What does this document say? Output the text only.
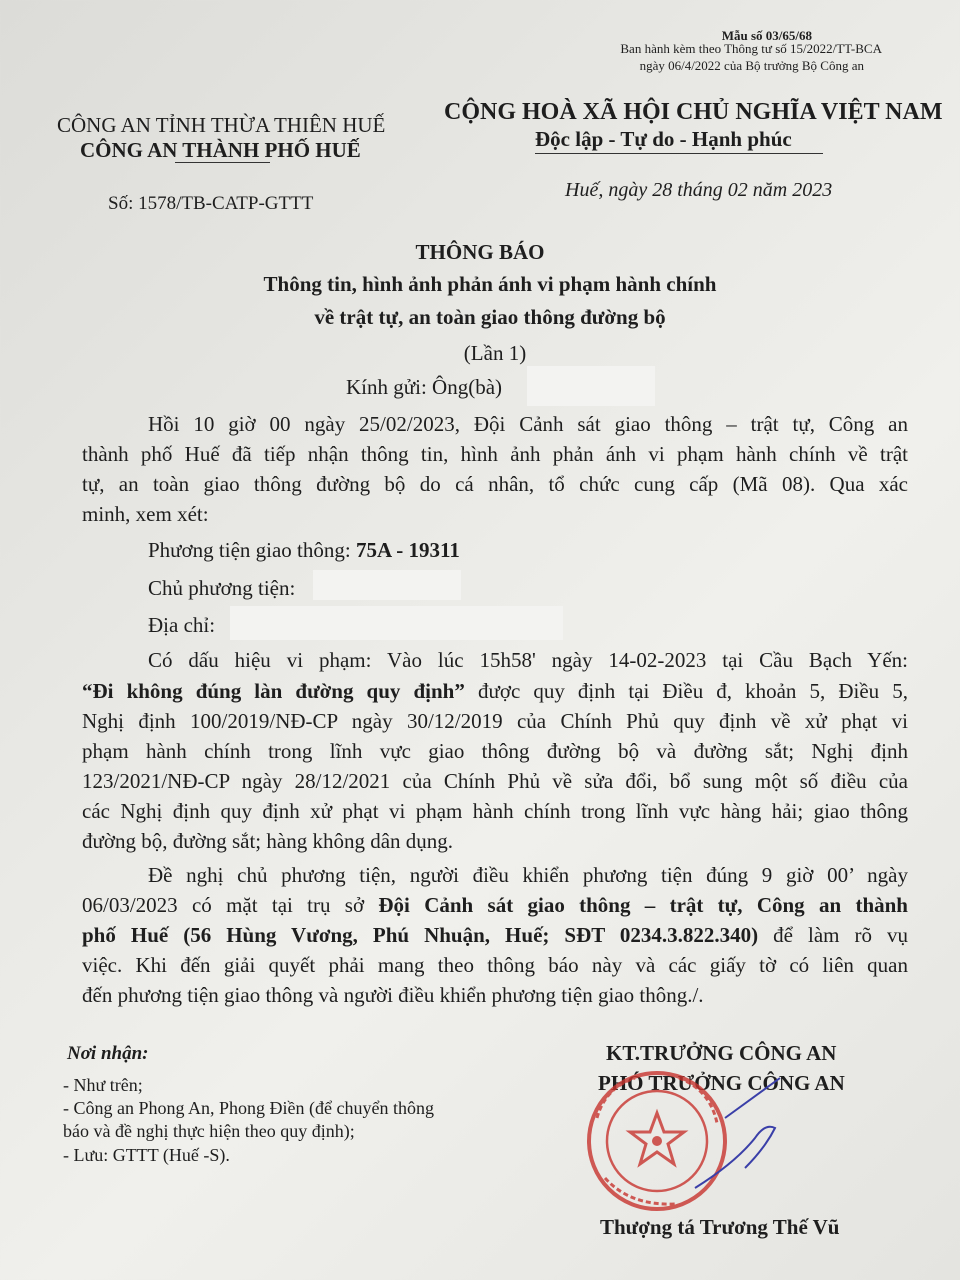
Mẫu số 03/65/68
Ban hành kèm theo Thông tư số 15/2022/TT-BCA
ngày 06/4/2022 của Bộ trưởng Bộ Công an
CÔNG AN TỈNH THỪA THIÊN HUẾ
CÔNG AN THÀNH PHỐ HUẾ
CỘNG HOÀ XÃ HỘI CHỦ NGHĨA VIỆT NAM
Độc lập - Tự do - Hạnh phúc
Số: 1578/TB-CATP-GTTT
Huế, ngày 28 tháng 02 năm 2023
THÔNG BÁO
Thông tin, hình ảnh phản ánh vi phạm hành chính
về trật tự, an toàn giao thông đường bộ
(Lần 1)
Kính gửi: Ông(bà)
Hồi 10 giờ 00 ngày 25/02/2023, Đội Cảnh sát giao thông – trật tự, Công an
thành phố Huế đã tiếp nhận thông tin, hình ảnh phản ánh vi phạm hành chính về trật
tự, an toàn giao thông đường bộ do cá nhân, tổ chức cung cấp (Mã 08). Qua xác
minh, xem xét:
Phương tiện giao thông: 75A - 19311
Chủ phương tiện:
Địa chỉ:
Có dấu hiệu vi phạm: Vào lúc 15h58' ngày 14-02-2023 tại Cầu Bạch Yến:
“Đi không đúng làn đường quy định” được quy định tại Điều đ, khoản 5, Điều 5,
Nghị định 100/2019/NĐ-CP ngày 30/12/2019 của Chính Phủ quy định về xử phạt vi
phạm hành chính trong lĩnh vực giao thông đường bộ và đường sắt; Nghị định
123/2021/NĐ-CP ngày 28/12/2021 của Chính Phủ về sửa đổi, bổ sung một số điều của
các Nghị định quy định xử phạt vi phạm hành chính trong lĩnh vực hàng hải; giao thông
đường bộ, đường sắt; hàng không dân dụng.
Đề nghị chủ phương tiện, người điều khiển phương tiện đúng 9 giờ 00’ ngày
06/03/2023 có mặt tại trụ sở Đội Cảnh sát giao thông – trật tự, Công an thành
phố Huế (56 Hùng Vương, Phú Nhuận, Huế; SĐT 0234.3.822.340) để làm rõ vụ
việc. Khi đến giải quyết phải mang theo thông báo này và các giấy tờ có liên quan
đến phương tiện giao thông và người điều khiển phương tiện giao thông./.
Nơi nhận:
- Như trên;
- Công an Phong An, Phong Điền (để chuyển thông
báo và đề nghị thực hiện theo quy định);
- Lưu: GTTT (Huế -S).
KT.TRƯỞNG CÔNG AN
PHÓ TRƯỞNG CÔNG AN
Thượng tá Trương Thế Vũ
